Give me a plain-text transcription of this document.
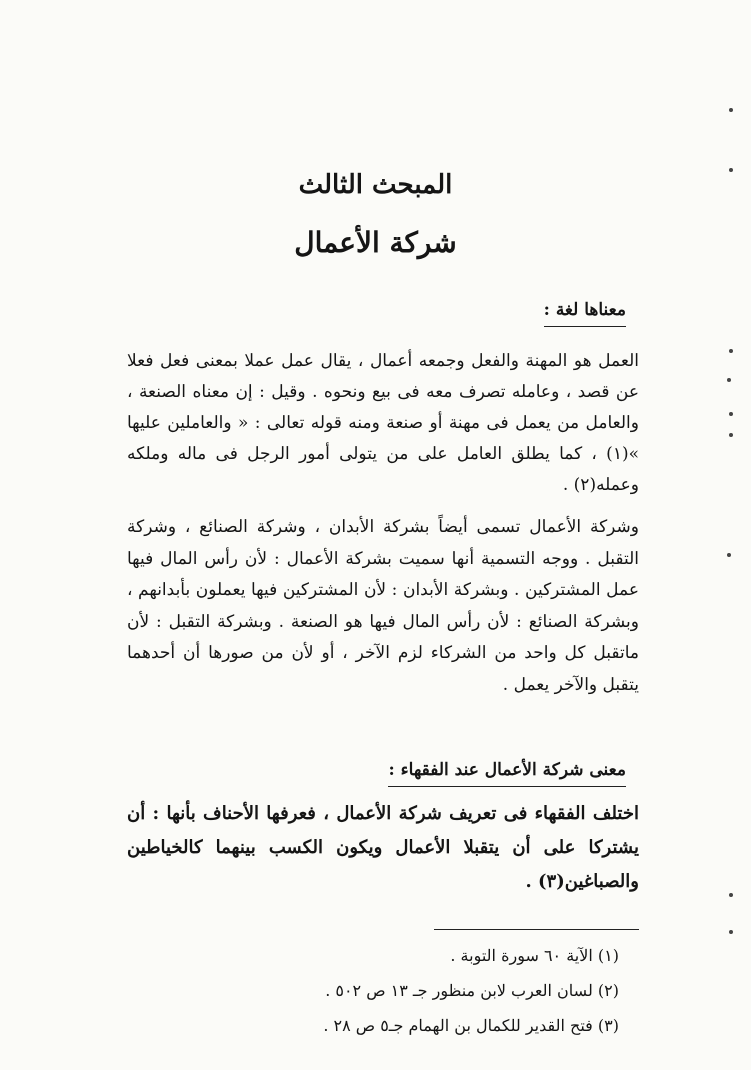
المبحث الثالث
شركة الأعمال
معناها لغة :

العمل هو المهنة والفعل وجمعه أعمال ، يقال عمل عملا بمعنى فعل فعلا عن قصد ، وعامله تصرف معه فى بيع ونحوه . وقيل : إن معناه الصنعة ، والعامل من يعمل فى مهنة أو صنعة ومنه قوله تعالى : « والعاملين عليها »(١) ، كما يطلق العامل على من يتولى أمور الرجل فى ماله وملكه وعمله(٢) .

وشركة الأعمال تسمى أيضاً بشركة الأبدان ، وشركة الصنائع ، وشركة التقبل . ووجه التسمية أنها سميت بشركة الأعمال : لأن رأس المال فيها عمل المشتركين . وبشركة الأبدان : لأن المشتركين فيها يعملون بأبدانهم ، وبشركة الصنائع : لأن رأس المال فيها هو الصنعة . وبشركة التقبل : لأن ماتقبل كل واحد من الشركاء لزم الآخر ، أو لأن من صورها أن أحدهما يتقبل والآخر يعمل .

معنى شركة الأعمال عند الفقهاء :

اختلف الفقهاء فى تعريف شركة الأعمال ، فعرفها الأحناف بأنها : أن يشتركا على أن يتقبلا الأعمال ويكون الكسب بينهما كالخياطين والصباغين(٣) .

(١) الآية ٦٠ سورة التوبة .
(٢) لسان العرب لابن منظور جـ ١٣ ص ٥٠٢ .
(٣) فتح القدير للكمال بن الهمام جـ٥ ص ٢٨ .
